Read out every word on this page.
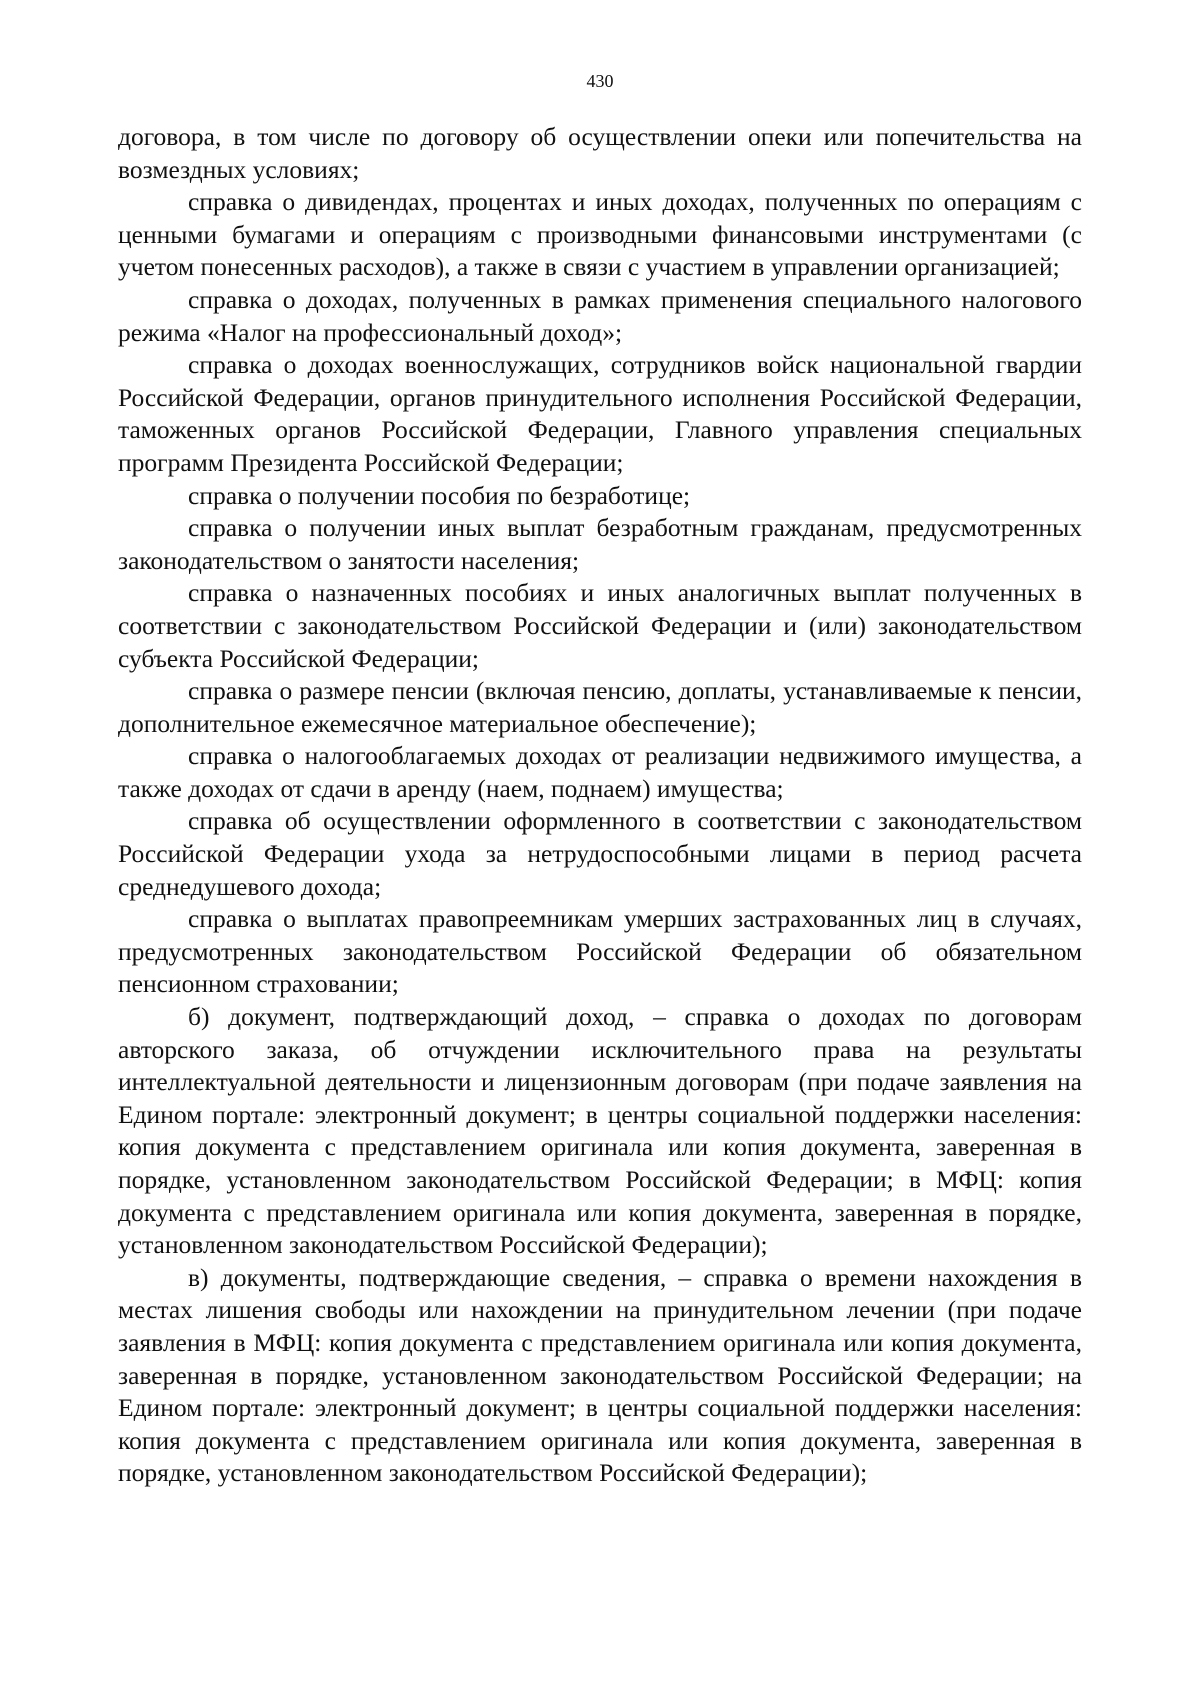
430

договора, в том числе по договору об осуществлении опеки или попечительства на возмездных условиях;

справка о дивидендах, процентах и иных доходах, полученных по операциям с ценными бумагами и операциям с производными финансовыми инструментами (с учетом понесенных расходов), а также в связи с участием в управлении организацией;

справка о доходах, полученных в рамках применения специального налогового режима «Налог на профессиональный доход»;

справка о доходах военнослужащих, сотрудников войск национальной гвардии Российской Федерации, органов принудительного исполнения Российской Федерации, таможенных органов Российской Федерации, Главного управления специальных программ Президента Российской Федерации;

справка о получении пособия по безработице;

справка о получении иных выплат безработным гражданам, предусмотренных законодательством о занятости населения;

справка о назначенных пособиях и иных аналогичных выплат полученных в соответствии с законодательством Российской Федерации и (или) законодательством субъекта Российской Федерации;

справка о размере пенсии (включая пенсию, доплаты, устанавливаемые к пенсии, дополнительное ежемесячное материальное обеспечение);

справка о налогооблагаемых доходах от реализации недвижимого имущества, а также доходах от сдачи в аренду (наем, поднаем) имущества;

справка об осуществлении оформленного в соответствии с законодательством Российской Федерации ухода за нетрудоспособными лицами в период расчета среднедушевого дохода;

справка о выплатах правопреемникам умерших застрахованных лиц в случаях, предусмотренных законодательством Российской Федерации об обязательном пенсионном страховании;

б) документ, подтверждающий доход, – справка о доходах по договорам авторского заказа, об отчуждении исключительного права на результаты интеллектуальной деятельности и лицензионным договорам (при подаче заявления на Едином портале: электронный документ; в центры социальной поддержки населения: копия документа с представлением оригинала или копия документа, заверенная в порядке, установленном законодательством Российской Федерации; в МФЦ: копия документа с представлением оригинала или копия документа, заверенная в порядке, установленном законодательством Российской Федерации);

в) документы, подтверждающие сведения, – справка о времени нахождения в местах лишения свободы или нахождении на принудительном лечении (при подаче заявления в МФЦ: копия документа с представлением оригинала или копия документа, заверенная в порядке, установленном законодательством Российской Федерации; на Едином портале: электронный документ; в центры социальной поддержки населения: копия документа с представлением оригинала или копия документа, заверенная в порядке, установленном законодательством Российской Федерации);
